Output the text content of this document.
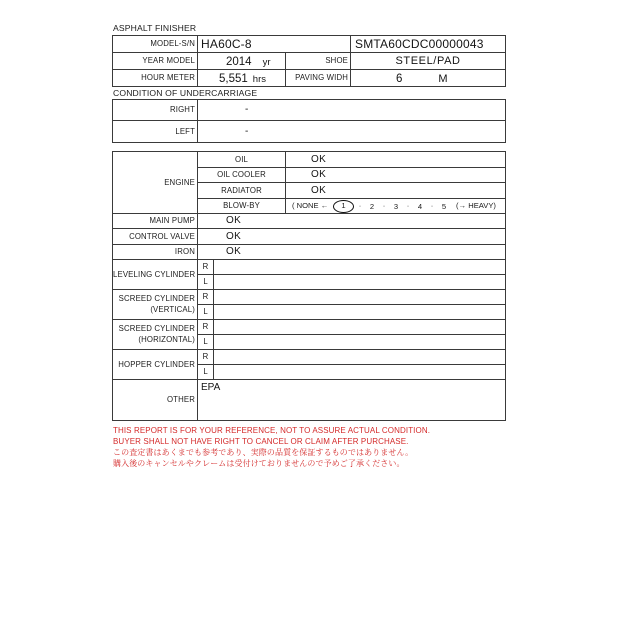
ASPHALT FINISHER
MODEL-S/N	HA60C-8		SMTA60CDC00000043
YEAR MODEL	2014 yr	SHOE	STEEL/PAD
HOUR METER	5,551 hrs	PAVING WIDH	6 M
CONDITION OF UNDERCARRIAGE
RIGHT	-
LEFT	-
ENGINE	OIL		OK
	OIL COOLER		OK
	RADIATOR		OK
	BLOW-BY		( NONE ← 1 · 2 · 3 · 4 · 5 (→ HEAVY)
MAIN PUMP	OK		
CONTROL VALVE	OK		
IRON	OK		
LEVELING CYLINDER	R		
	L		

SCREED CYLINDER
(VERTICAL)	R		
	L		

SCREED CYLINDER
(HORIZONTAL)	R		
	L		
HOPPER CYLINDER	R		
	L		
OTHER	EPA		
THIS REPORT IS FOR YOUR REFERENCE, NOT TO ASSURE ACTUAL CONDITION.
BUYER SHALL NOT HAVE RIGHT TO CANCEL OR CLAIM AFTER PURCHASE.
この査定書はあくまでも参考であり、実際の品質を保証するものではありません。
購入後のキャンセルやクレームは受付けておりませんので予めご了承ください。
